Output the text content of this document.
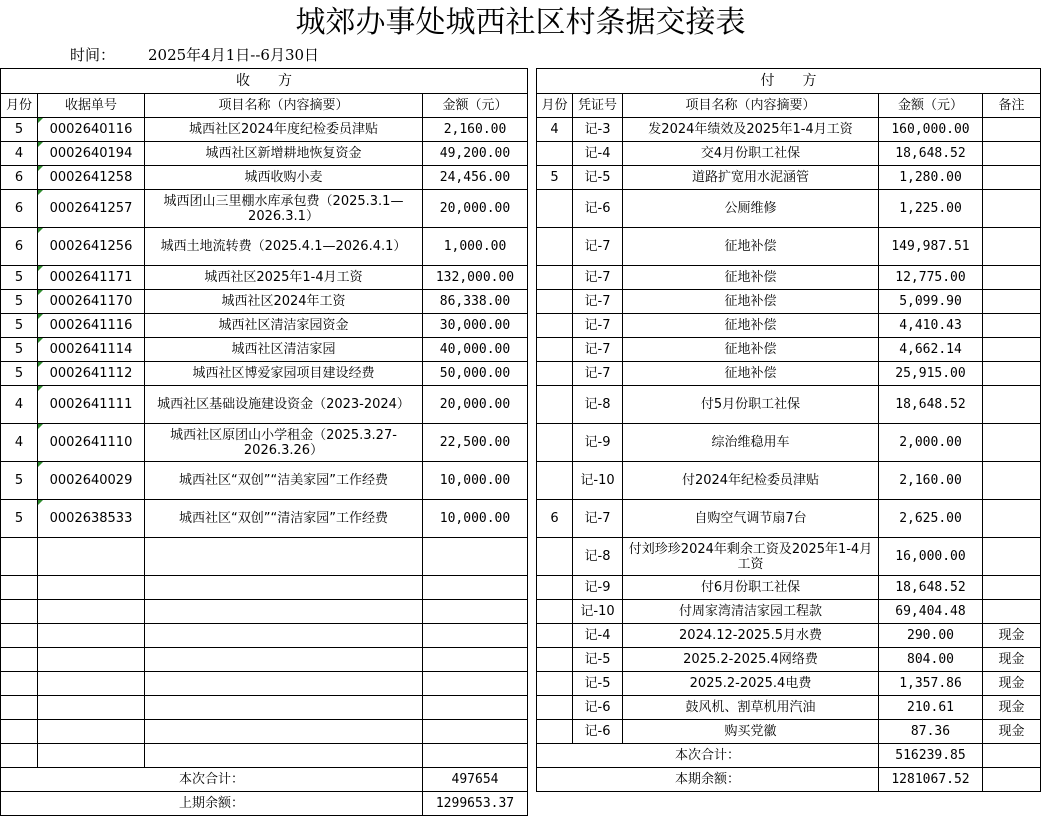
城郊办事处城西社区村条据交接表
时间： 2025年4月1日--6月30日
收　　方			
月份	收据单号	项目名称（内容摘要）	金额（元）
5	0002640116	城西社区2024年度纪检委员津贴	2,160.00
4	0002640194	城西社区新增耕地恢复资金	49,200.00
6	0002641258	城西收购小麦	24,456.00
6	0002641257	城西团山三里棚水库承包费（2025.3.1—2026.3.1）	20,000.00
6	0002641256	城西土地流转费（2025.4.1—2026.4.1）	1,000.00
5	0002641171	城西社区2025年1-4月工资	132,000.00
5	0002641170	城西社区2024年工资	86,338.00
5	0002641116	城西社区清洁家园资金	30,000.00
5	0002641114	城西社区清洁家园	40,000.00
5	0002641112	城西社区博爱家园项目建设经费	50,000.00
4	0002641111	城西社区基础设施建设资金（2023-2024）	20,000.00
4	0002641110	城西社区原团山小学租金（2025.3.27-2026.3.26）	22,500.00
5	0002640029	城西社区“双创”“洁美家园”工作经费	10,000.00
5	0002638533	城西社区“双创”“清洁家园”工作经费	10,000.00

本次合计：			497654
上期余额：			1299653.37
付　　方				
月份	凭证号	项目名称（内容摘要）	金额（元）	备注
4	记-3	发2024年绩效及2025年1-4月工资	160,000.00	
	记-4	交4月份职工社保	18,648.52	
5	记-5	道路扩宽用水泥涵管	1,280.00	
	记-6	公厕维修	1,225.00	
	记-7	征地补偿	149,987.51	
	记-7	征地补偿	12,775.00	
	记-7	征地补偿	5,099.90	
	记-7	征地补偿	4,410.43	
	记-7	征地补偿	4,662.14	
	记-7	征地补偿	25,915.00	
	记-8	付5月份职工社保	18,648.52	
	记-9	综治维稳用车	2,000.00	
	记-10	付2024年纪检委员津贴	2,160.00	
6	记-7	自购空气调节扇7台	2,625.00	
	记-8	付刘珍珍2024年剩余工资及2025年1-4月工资	16,000.00	
	记-9	付6月份职工社保	18,648.52	
	记-10	付周家湾清洁家园工程款	69,404.48	
	记-4	2024.12-2025.5月水费	290.00	现金
	记-5	2025.2-2025.4网络费	804.00	现金
	记-5	2025.2-2025.4电费	1,357.86	现金
	记-6	鼓风机、割草机用汽油	210.61	现金
	记-6	购买党徽	87.36	现金
本次合计：			516239.85	
本期余额：			1281067.52	
